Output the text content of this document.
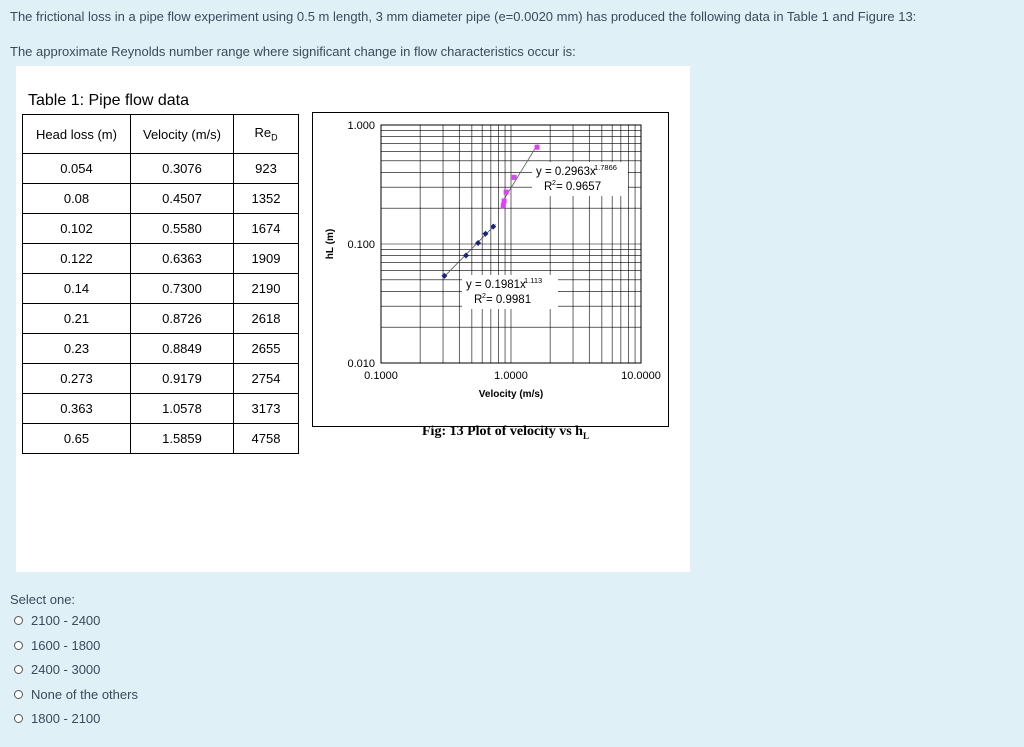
The frictional loss in a pipe flow experiment using 0.5 m length, 3 mm diameter pipe (e=0.0020 mm) has produced the following data in Table 1 and Figure 13:
The approximate Reynolds number range where significant change in flow characteristics occur is:
Table 1: Pipe flow data
Head loss (m)	Velocity (m/s)	$Re_D$
0.054	0.3076	923
0.08	0.4507	1352
0.102	0.5580	1674
0.122	0.6363	1909
0.14	0.7300	2190
0.21	0.8726	2618
0.23	0.8849	2655
0.273	0.9179	2754
0.363	1.0578	3173
0.65	1.5859	4758
y = 0.2963x
1.7866
R 2 = 0.9657
y = 0.1981x
1.113
R 2 = 0.9981
0.010
0.100
1.000
0.1000	1.0000	10.0000
Velocity (m/s)
hL (m)
Fig: 13 Plot of velocity vs $h_L$
Select one:
2100 - 2400
1600 - 1800
2400 - 3000
None of the others
1800 - 2100
